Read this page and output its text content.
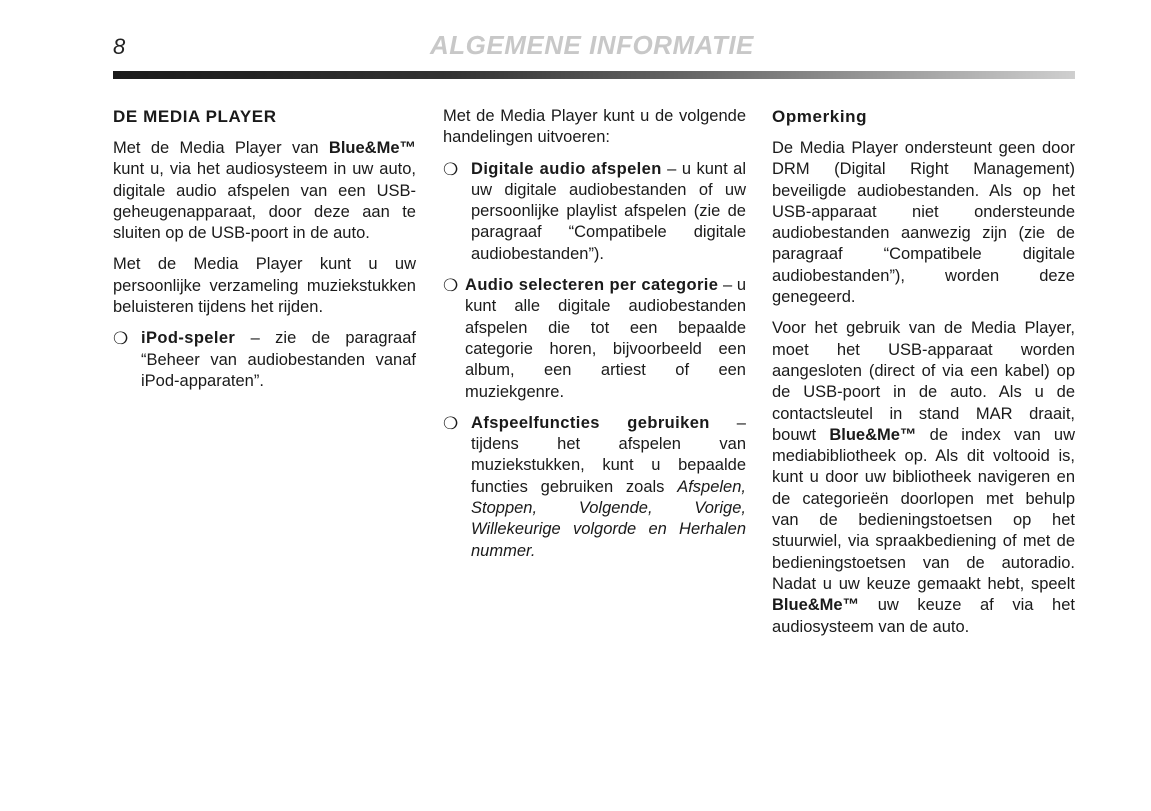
8	ALGEMENE INFORMATIE
DE MEDIA PLAYER

Met de Media Player van Blue&Me™ kunt u, via het audiosysteem in uw auto, digitale audio afspelen van een USB-geheugenapparaat, door deze aan te sluiten op de USB-poort in de auto.

Met de Media Player kunt u uw persoonlijke verzameling muziekstukken beluisteren tijdens het rijden.

❍ iPod-speler – zie de paragraaf “Beheer van audiobestanden vanaf iPod-apparaten”.

Met de Media Player kunt u de volgende handelingen uitvoeren:

❍ Digitale audio afspelen – u kunt al uw digitale audiobestanden of uw persoonlijke playlist afspelen (zie de paragraaf “Compatibele digitale audiobestanden”).
❍ Audio selecteren per categorie – u kunt alle digitale audiobestanden afspelen die tot een bepaalde categorie horen, bijvoorbeeld een album, een artiest of een muziekgenre.
❍ Afspeelfuncties gebruiken – tijdens het afspelen van muziekstukken, kunt u bepaalde functies gebruiken zoals Afspelen, Stoppen, Volgende, Vorige, Willekeurige volgorde en Herhalen nummer.
Opmerking

De Media Player ondersteunt geen door DRM (Digital Right Management) beveiligde audiobestanden. Als op het USB-apparaat niet ondersteunde audiobestanden aanwezig zijn (zie de paragraaf “Compatibele digitale audiobestanden”), worden deze genegeerd.

Voor het gebruik van de Media Player, moet het USB-apparaat worden aangesloten (direct of via een kabel) op de USB-poort in de auto. Als u de contactsleutel in stand MAR draait, bouwt Blue&Me™ de index van uw mediabibliotheek op. Als dit voltooid is, kunt u door uw bibliotheek navigeren en de categorieën doorlopen met behulp van de bedieningstoetsen op het stuurwiel, via spraakbediening of met de bedieningstoetsen van de autoradio. Nadat u uw keuze gemaakt hebt, speelt Blue&Me™ uw keuze af via het audiosysteem van de auto.
